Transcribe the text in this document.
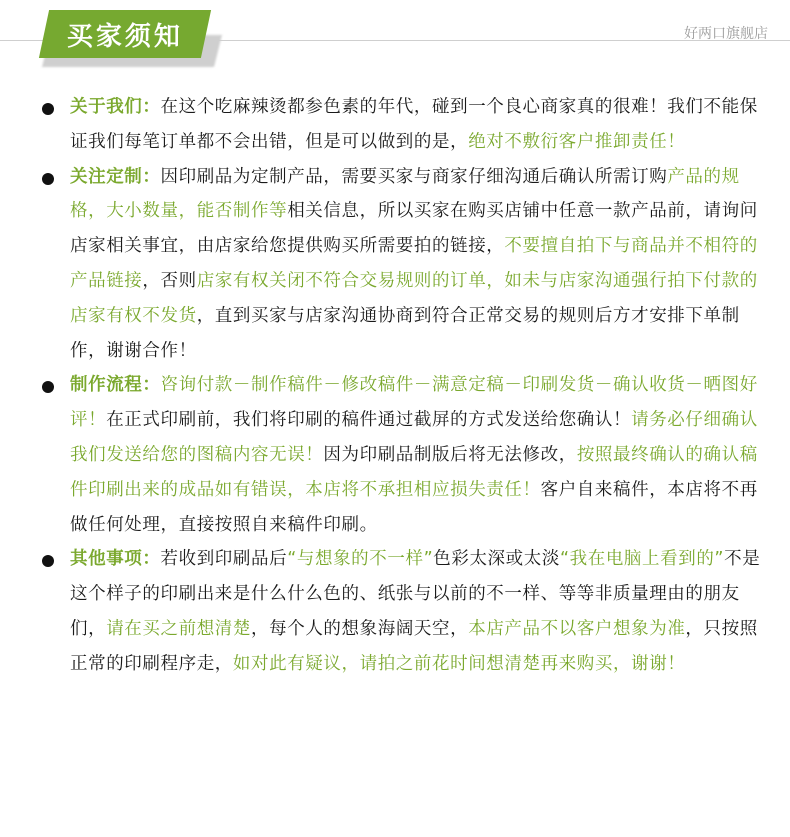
买家须知	好两口旗舰店
关于我们：在这个吃麻辣烫都参色素的年代，碰到一个良心商家真的很难！我们不能保证我们每笔订单都不会出错，但是可以做到的是，绝对不敷衍客户推卸责任！
关注定制：因印刷品为定制产品，需要买家与商家仔细沟通后确认所需订购产品的规格，大小数量，能否制作等相关信息，所以买家在购买店铺中任意一款产品前，请询问店家相关事宜，由店家给您提供购买所需要拍的链接，不要擅自拍下与商品并不相符的产品链接，否则店家有权关闭不符合交易规则的订单，如未与店家沟通强行拍下付款的店家有权不发货，直到买家与店家沟通协商到符合正常交易的规则后方才安排下单制作，谢谢合作！
制作流程：咨询付款－制作稿件－修改稿件－满意定稿－印刷发货－确认收货－晒图好评！在正式印刷前，我们将印刷的稿件通过截屏的方式发送给您确认！请务必仔细确认我们发送给您的图稿内容无误！因为印刷品制版后将无法修改，按照最终确认的确认稿件印刷出来的成品如有错误，本店将不承担相应损失责任！客户自来稿件，本店将不再做任何处理，直接按照自来稿件印刷。
其他事项：若收到印刷品后“与想象的不一样”色彩太深或太淡“我在电脑上看到的”不是这个样子的印刷出来是什么什么色的、纸张与以前的不一样、等等非质量理由的朋友们，请在买之前想清楚，每个人的想象海阔天空，本店产品不以客户想象为准，只按照正常的印刷程序走，如对此有疑议，请拍之前花时间想清楚再来购买，谢谢！
